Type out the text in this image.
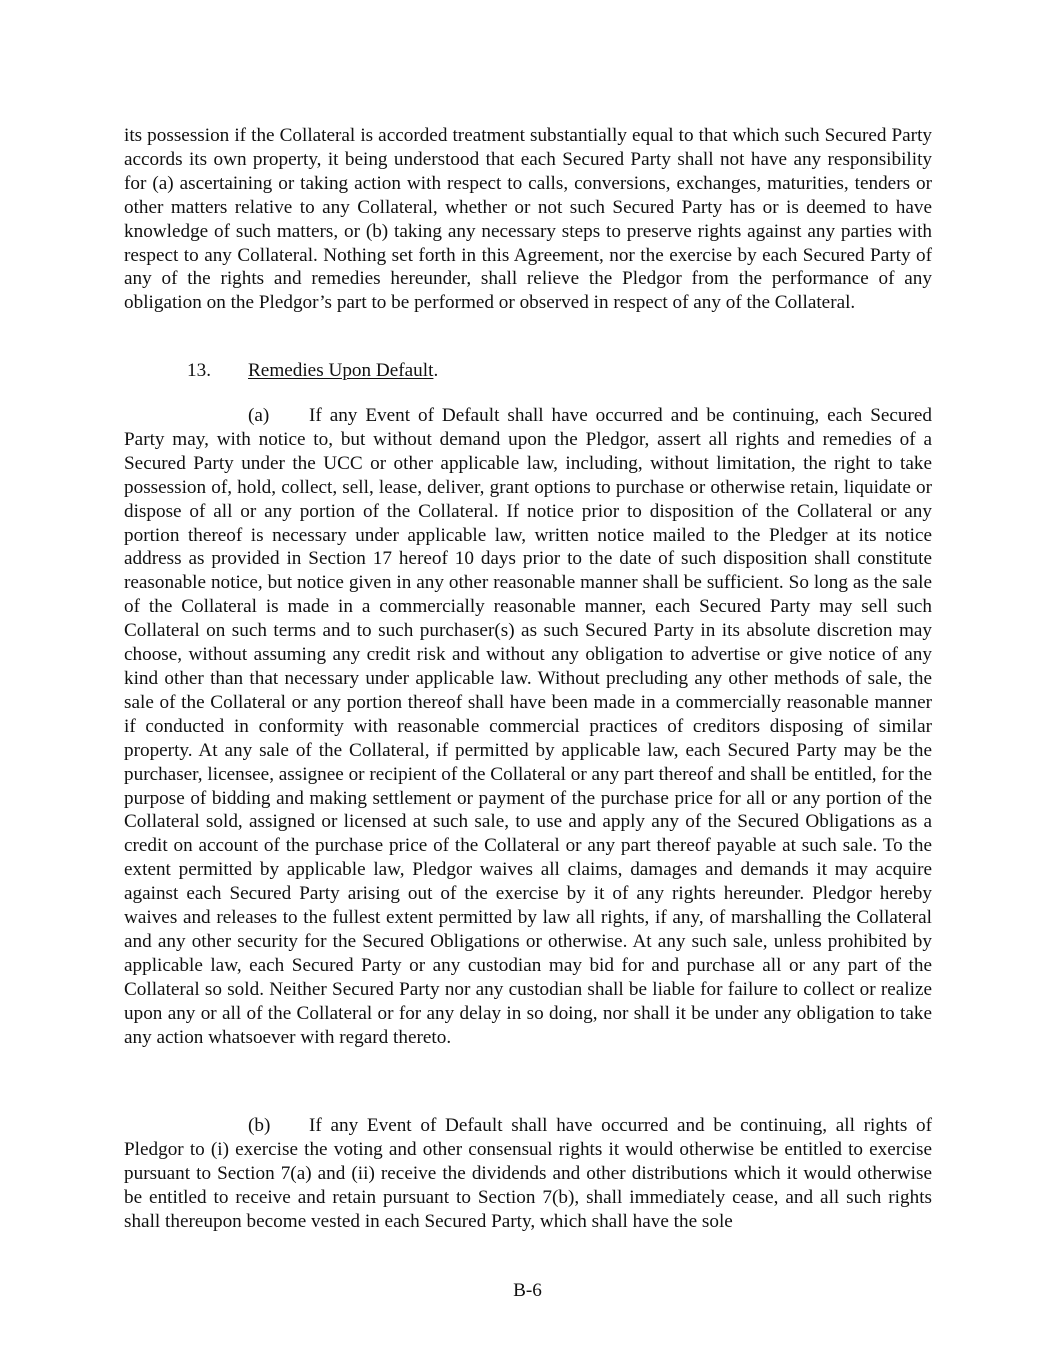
its possession if the Collateral is accorded treatment substantially equal to that which such Secured Party accords its own property, it being understood that each Secured Party shall not have any responsibility for (a) ascertaining or taking action with respect to calls, conversions, exchanges, maturities, tenders or other matters relative to any Collateral, whether or not such Secured Party has or is deemed to have knowledge of such matters, or (b) taking any necessary steps to preserve rights against any parties with respect to any Collateral. Nothing set forth in this Agreement, nor the exercise by each Secured Party of any of the rights and remedies hereunder, shall relieve the Pledgor from the performance of any obligation on the Pledgor’s part to be performed or observed in respect of any of the Collateral.

13. Remedies Upon Default.

(a) If any Event of Default shall have occurred and be continuing, each Secured Party may, with notice to, but without demand upon the Pledgor, assert all rights and remedies of a Secured Party under the UCC or other applicable law, including, without limitation, the right to take possession of, hold, collect, sell, lease, deliver, grant options to purchase or otherwise retain, liquidate or dispose of all or any portion of the Collateral. If notice prior to disposition of the Collateral or any portion thereof is necessary under applicable law, written notice mailed to the Pledger at its notice address as provided in Section 17 hereof 10 days prior to the date of such disposition shall constitute reasonable notice, but notice given in any other reasonable manner shall be sufficient. So long as the sale of the Collateral is made in a commercially reasonable manner, each Secured Party may sell such Collateral on such terms and to such purchaser(s) as such Secured Party in its absolute discretion may choose, without assuming any credit risk and without any obligation to advertise or give notice of any kind other than that necessary under applicable law. Without precluding any other methods of sale, the sale of the Collateral or any portion thereof shall have been made in a commercially reasonable manner if conducted in conformity with reasonable commercial practices of creditors disposing of similar property. At any sale of the Collateral, if permitted by applicable law, each Secured Party may be the purchaser, licensee, assignee or recipient of the Collateral or any part thereof and shall be entitled, for the purpose of bidding and making settlement or payment of the purchase price for all or any portion of the Collateral sold, assigned or licensed at such sale, to use and apply any of the Secured Obligations as a credit on account of the purchase price of the Collateral or any part thereof payable at such sale. To the extent permitted by applicable law, Pledgor waives all claims, damages and demands it may acquire against each Secured Party arising out of the exercise by it of any rights hereunder. Pledgor hereby waives and releases to the fullest extent permitted by law all rights, if any, of marshalling the Collateral and any other security for the Secured Obligations or otherwise. At any such sale, unless prohibited by applicable law, each Secured Party or any custodian may bid for and purchase all or any part of the Collateral so sold. Neither Secured Party nor any custodian shall be liable for failure to collect or realize upon any or all of the Collateral or for any delay in so doing, nor shall it be under any obligation to take any action whatsoever with regard thereto.

(b) If any Event of Default shall have occurred and be continuing, all rights of Pledgor to (i) exercise the voting and other consensual rights it would otherwise be entitled to exercise pursuant to Section 7(a) and (ii) receive the dividends and other distributions which it would otherwise be entitled to receive and retain pursuant to Section 7(b), shall immediately cease, and all such rights shall thereupon become vested in each Secured Party, which shall have the sole

B-6
